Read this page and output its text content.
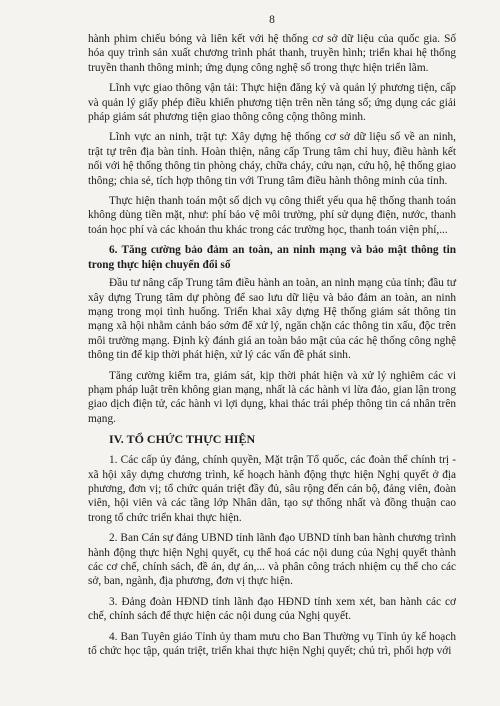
8

hành phim chiếu bóng và liên kết với hệ thống cơ sở dữ liệu của quốc gia. Số hóa quy trình sản xuất chương trình phát thanh, truyền hình; triển khai hệ thống truyền thanh thông minh; ứng dụng công nghệ số trong thực hiện triển lãm.

Lĩnh vực giao thông vận tải: Thực hiện đăng ký và quản lý phương tiện, cấp và quản lý giấy phép điều khiển phương tiện trên nền tảng số; ứng dụng các giải pháp giám sát phương tiện giao thông công cộng thông minh.

Lĩnh vực an ninh, trật tự: Xây dựng hệ thống cơ sở dữ liệu số về an ninh, trật tự trên địa bàn tỉnh. Hoàn thiện, nâng cấp Trung tâm chỉ huy, điều hành kết nối với hệ thống thông tin phòng cháy, chữa cháy, cứu nạn, cứu hộ, hệ thống giao thông; chia sẻ, tích hợp thông tin với Trung tâm điều hành thông minh của tỉnh.

Thực hiện thanh toán một số dịch vụ công thiết yếu qua hệ thống thanh toán không dùng tiền mặt, như: phí bảo vệ môi trường, phí sử dụng điện, nước, thanh toán học phí và các khoản thu khác trong các trường học, thanh toán viện phí,...

6. Tăng cường bảo đảm an toàn, an ninh mạng và bảo mật thông tin trong thực hiện chuyển đổi số

Đầu tư nâng cấp Trung tâm điều hành an toàn, an ninh mạng của tỉnh; đầu tư xây dựng Trung tâm dự phòng để sao lưu dữ liệu và bảo đảm an toàn, an ninh mạng trong mọi tình huống. Triển khai xây dựng Hệ thống giám sát thông tin mạng xã hội nhằm cảnh báo sớm để xử lý, ngăn chặn các thông tin xấu, độc trên môi trường mạng. Định kỳ đánh giá an toàn bảo mật của các hệ thống công nghệ thông tin để kịp thời phát hiện, xử lý các vấn đề phát sinh.

Tăng cường kiểm tra, giám sát, kịp thời phát hiện và xử lý nghiêm các vi phạm pháp luật trên không gian mạng, nhất là các hành vi lừa đảo, gian lận trong giao dịch điện tử, các hành vi lợi dụng, khai thác trái phép thông tin cá nhân trên mạng.

IV. TỔ CHỨC THỰC HIỆN

1. Các cấp ủy đảng, chính quyền, Mặt trận Tổ quốc, các đoàn thể chính trị - xã hội xây dựng chương trình, kế hoạch hành động thực hiện Nghị quyết ở địa phương, đơn vị; tổ chức quán triệt đầy đủ, sâu rộng đến cán bộ, đảng viên, đoàn viên, hội viên và các tầng lớp Nhân dân, tạo sự thống nhất và đồng thuận cao trong tổ chức triển khai thực hiện.

2. Ban Cán sự đảng UBND tỉnh lãnh đạo UBND tỉnh ban hành chương trình hành động thực hiện Nghị quyết, cụ thể hoá các nội dung của Nghị quyết thành các cơ chế, chính sách, đề án, dự án,... và phân công trách nhiệm cụ thể cho các sở, ban, ngành, địa phương, đơn vị thực hiện.

3. Đảng đoàn HĐND tỉnh lãnh đạo HĐND tỉnh xem xét, ban hành các cơ chế, chính sách để thực hiện các nội dung của Nghị quyết.

4. Ban Tuyên giáo Tỉnh ủy tham mưu cho Ban Thường vụ Tỉnh ủy kế hoạch tổ chức học tập, quán triệt, triển khai thực hiện Nghị quyết; chủ trì, phối hợp với
